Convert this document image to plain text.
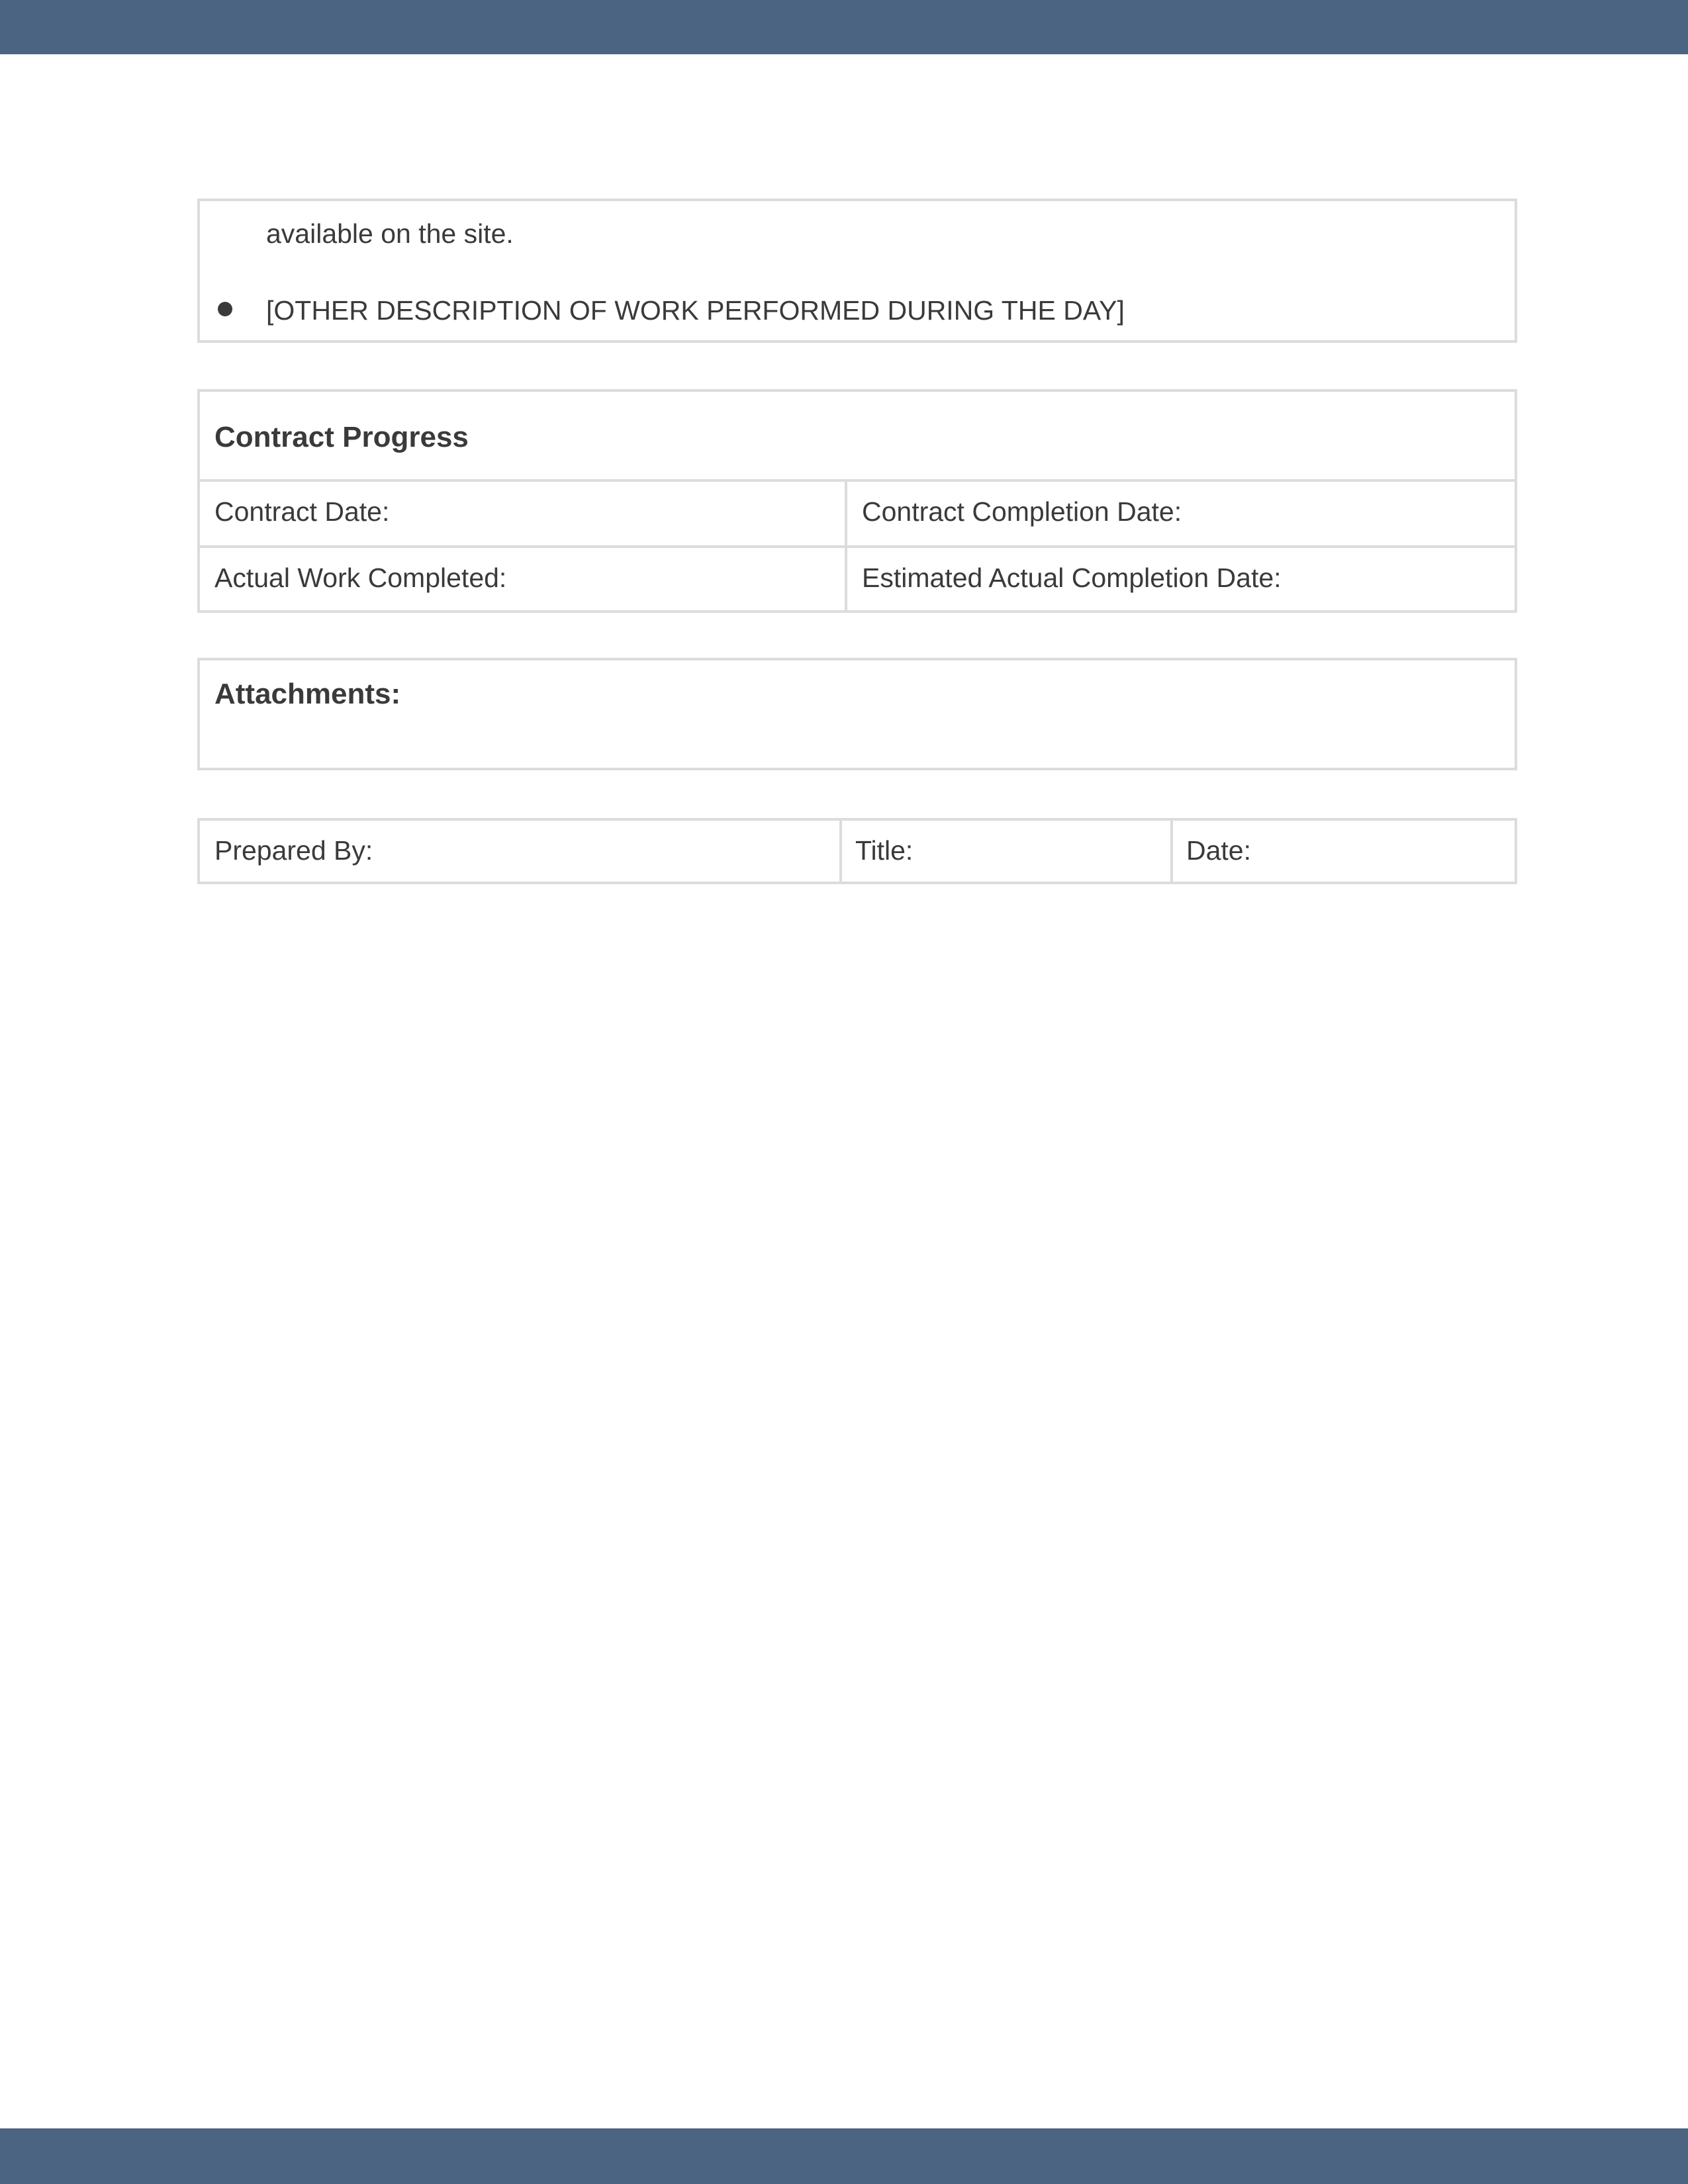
available on the site.
[OTHER DESCRIPTION OF WORK PERFORMED DURING THE DAY]
Contract Progress
Contract Date:	Contract Completion Date:
Actual Work Completed:	Estimated Actual Completion Date:
Attachments:
Prepared By:	Title:	Date:
